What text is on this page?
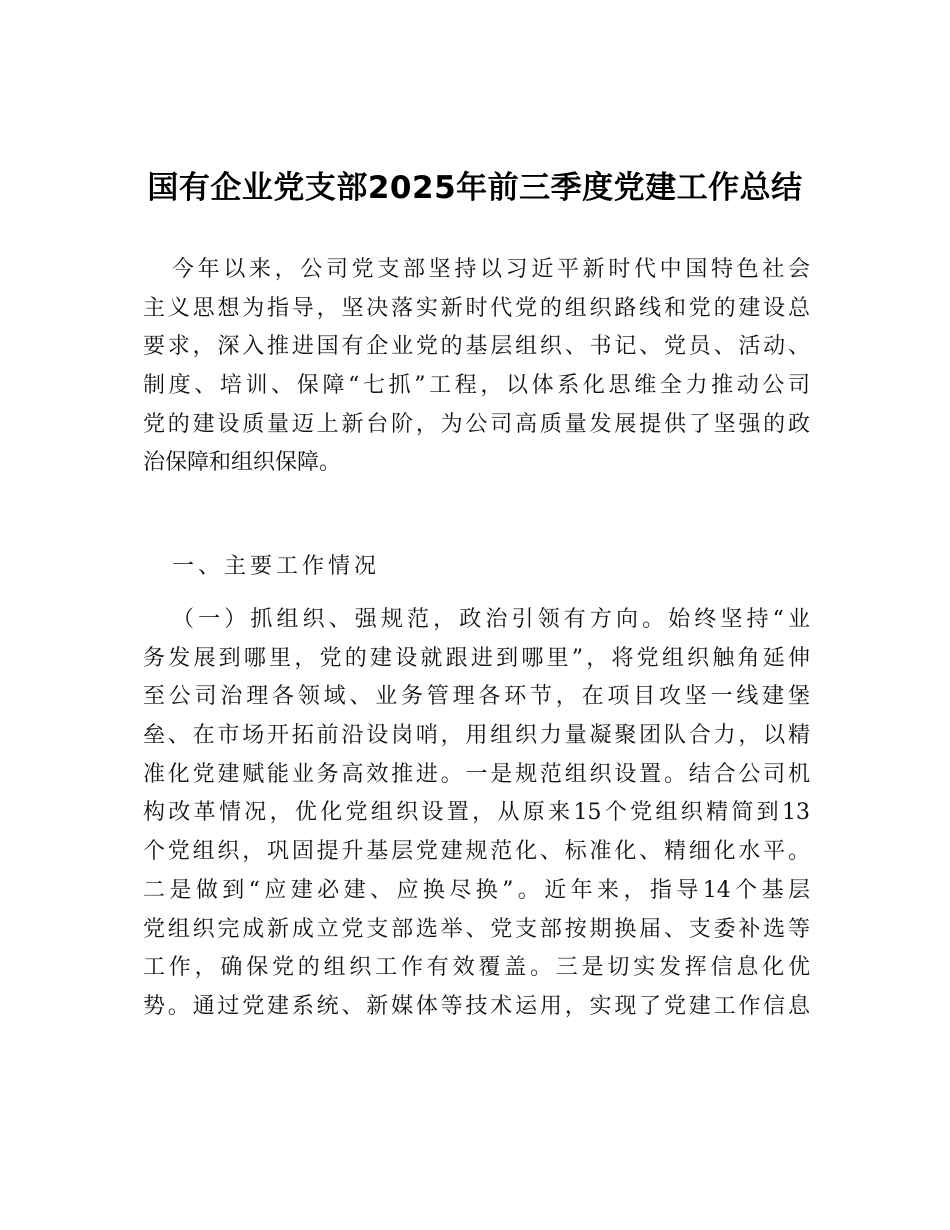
国有企业党支部2025年前三季度党建工作总结
今年以来，公司党支部坚持以习近平新时代中国特色社会
主义思想为指导，坚决落实新时代党的组织路线和党的建设总
要求，深入推进国有企业党的基层组织、书记、党员、活动、
制度、培训、保障“七抓”工程，以体系化思维全力推动公司
党的建设质量迈上新台阶，为公司高质量发展提供了坚强的政
治保障和组织保障。
一、主要工作情况
（一）抓组织、强规范，政治引领有方向。始终坚持“业
务发展到哪里，党的建设就跟进到哪里”，将党组织触角延伸
至公司治理各领域、业务管理各环节，在项目攻坚一线建堡
垒、在市场开拓前沿设岗哨，用组织力量凝聚团队合力，以精
准化党建赋能业务高效推进。一是规范组织设置。结合公司机
构改革情况，优化党组织设置，从原来15个党组织精简到13
个党组织，巩固提升基层党建规范化、标准化、精细化水平。
二是做到“应建必建、应换尽换”。近年来，指导14个基层
党组织完成新成立党支部选举、党支部按期换届、支委补选等
工作，确保党的组织工作有效覆盖。三是切实发挥信息化优
势。通过党建系统、新媒体等技术运用，实现了党建工作信息
